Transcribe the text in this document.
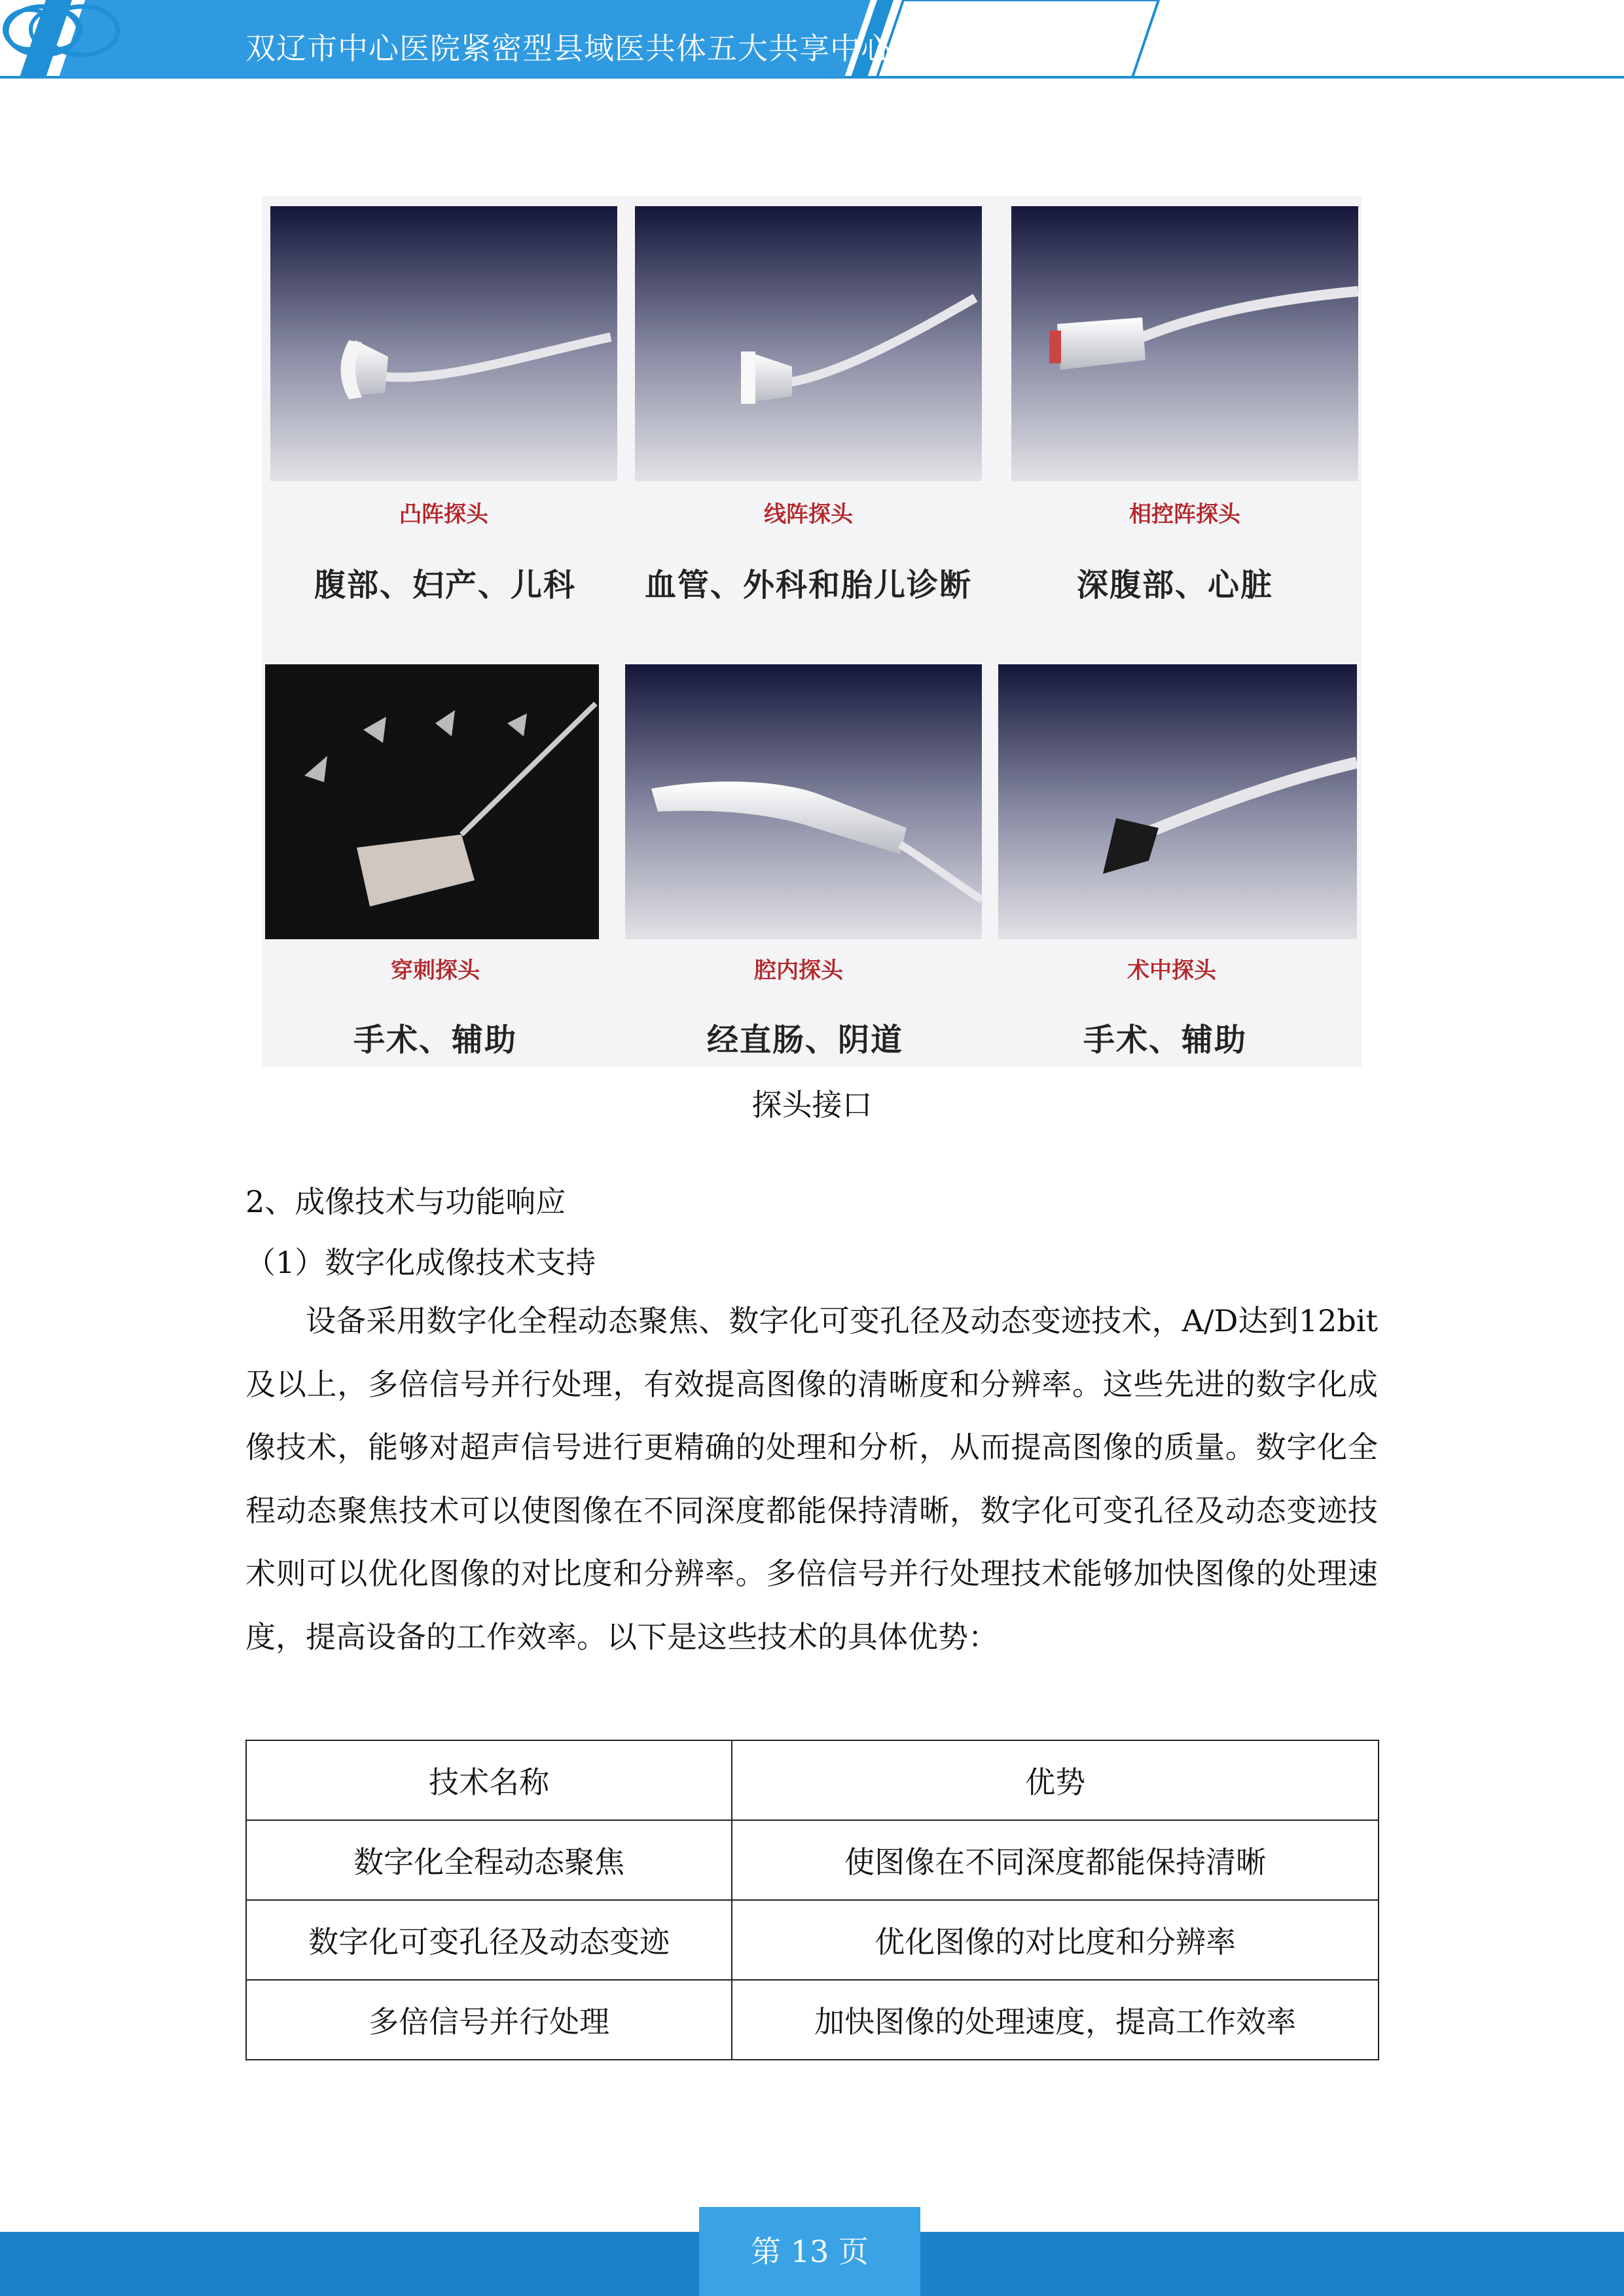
双辽市中心医院紧密型县域医共体五大共享中心建设项目
凸阵探头	线阵探头	相控阵探头
腹部、妇产、儿科	血管、外科和胎儿诊断	深腹部、心脏
穿刺探头	腔内探头	术中探头
手术、辅助	经直肠、阴道	手术、辅助
探头接口
2、成像技术与功能响应
（1）数字化成像技术支持

设备采用数字化全程动态聚焦、数字化可变孔径及动态变迹技术，A/D达到12bit及以上，多倍信号并行处理，有效提高图像的清晰度和分辨率。这些先进的数字化成像技术，能够对超声信号进行更精确的处理和分析，从而提高图像的质量。数字化全程动态聚焦技术可以使图像在不同深度都能保持清晰，数字化可变孔径及动态变迹技术则可以优化图像的对比度和分辨率。多倍信号并行处理技术能够加快图像的处理速度，提高设备的工作效率。以下是这些技术的具体优势：

技术名称	优势
数字化全程动态聚焦	使图像在不同深度都能保持清晰
数字化可变孔径及动态变迹	优化图像的对比度和分辨率
多倍信号并行处理	加快图像的处理速度，提高工作效率
第 13 页
